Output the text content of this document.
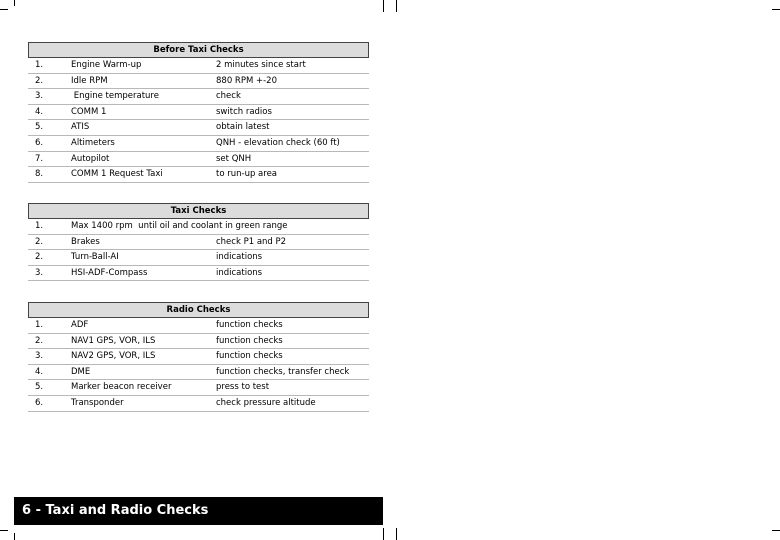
Before Taxi Checks
1.	Engine Warm-up	2 minutes since start
2.	Idle RPM	880 RPM +-20
3.	Engine temperature	check
4.	COMM 1	switch radios
5.	ATIS	obtain latest
6.	Altimeters	QNH - elevation check (60 ft)
7.	Autopilot	set QNH
8.	COMM 1 Request Taxi	to run-up area
Taxi Checks
1.	Max 1400 rpm  until oil and coolant in green range
2.	Brakes	check P1 and P2
2.	Turn-Ball-AI	indications
3.	HSI-ADF-Compass	indications
Radio Checks
1.	ADF	function checks
2.	NAV1 GPS, VOR, ILS	function checks
3.	NAV2 GPS, VOR, ILS	function checks
4.	DME	function checks, transfer check
5.	Marker beacon receiver	press to test
6.	Transponder	check pressure altitude
6 - Taxi and Radio Checks
